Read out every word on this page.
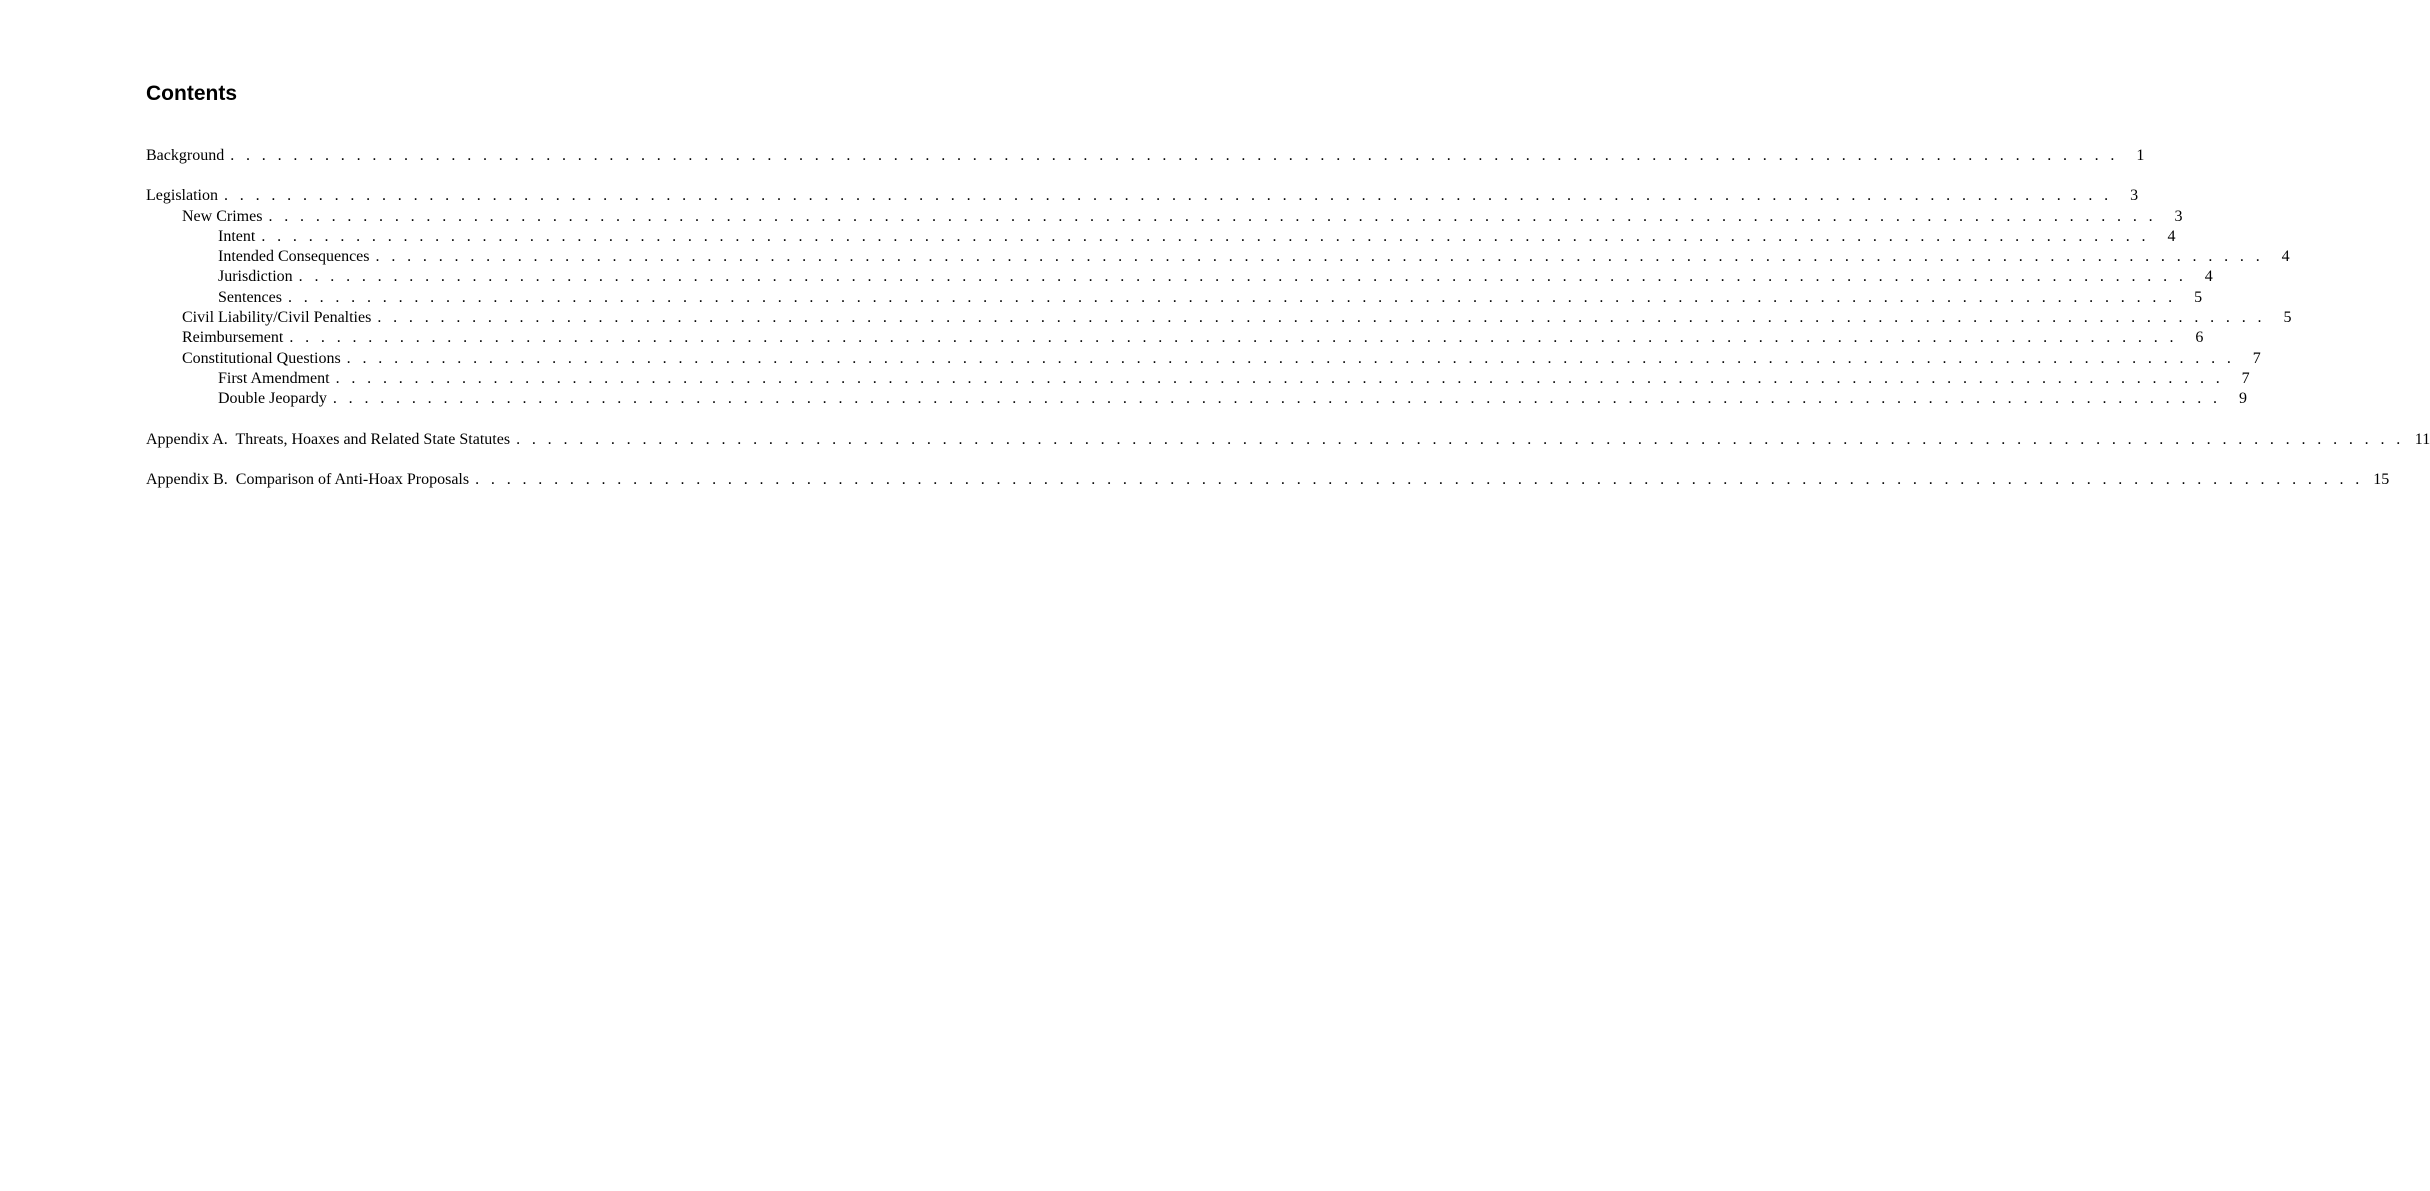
Contents
Background . . . . . . . . . . . . . . . . . . . . . . . . . . . . . . . . . . . . . . . . . . . . . . . . . . . . . . . . . . . . . . . . . . . . . . . . . . . . . . . . . . . . . . . . . . . . . . . . . . . . . . . . . . . . . . . . . . . . . . . .	1
Legislation . . . . . . . . . . . . . . . . . . . . . . . . . . . . . . . . . . . . . . . . . . . . . . . . . . . . . . . . . . . . . . . . . . . . . . . . . . . . . . . . . . . . . . . . . . . . . . . . . . . . . . . . . . . . . . . . . . . . . . . .	3
New Crimes . . . . . . . . . . . . . . . . . . . . . . . . . . . . . . . . . . . . . . . . . . . . . . . . . . . . . . . . . . . . . . . . . . . . . . . . . . . . . . . . . . . . . . . . . . . . . . . . . . . . . . . . . . . . . . . . . . . . . . . .	3
Intent . . . . . . . . . . . . . . . . . . . . . . . . . . . . . . . . . . . . . . . . . . . . . . . . . . . . . . . . . . . . . . . . . . . . . . . . . . . . . . . . . . . . . . . . . . . . . . . . . . . . . . . . . . . . . . . . . . . . . . . .	4
Intended Consequences . . . . . . . . . . . . . . . . . . . . . . . . . . . . . . . . . . . . . . . . . . . . . . . . . . . . . . . . . . . . . . . . . . . . . . . . . . . . . . . . . . . . . . . . . . . . . . . . . . . . . . . . . . . . . . . . . . . . . . . .	4
Jurisdiction . . . . . . . . . . . . . . . . . . . . . . . . . . . . . . . . . . . . . . . . . . . . . . . . . . . . . . . . . . . . . . . . . . . . . . . . . . . . . . . . . . . . . . . . . . . . . . . . . . . . . . . . . . . . . . . . . . . . . . . .	4
Sentences . . . . . . . . . . . . . . . . . . . . . . . . . . . . . . . . . . . . . . . . . . . . . . . . . . . . . . . . . . . . . . . . . . . . . . . . . . . . . . . . . . . . . . . . . . . . . . . . . . . . . . . . . . . . . . . . . . . . . . . .	5
Civil Liability/Civil Penalties . . . . . . . . . . . . . . . . . . . . . . . . . . . . . . . . . . . . . . . . . . . . . . . . . . . . . . . . . . . . . . . . . . . . . . . . . . . . . . . . . . . . . . . . . . . . . . . . . . . . . . . . . . . . . . . . . . . . . . . .	5
Reimbursement . . . . . . . . . . . . . . . . . . . . . . . . . . . . . . . . . . . . . . . . . . . . . . . . . . . . . . . . . . . . . . . . . . . . . . . . . . . . . . . . . . . . . . . . . . . . . . . . . . . . . . . . . . . . . . . . . . . . . . . .	6
Constitutional Questions . . . . . . . . . . . . . . . . . . . . . . . . . . . . . . . . . . . . . . . . . . . . . . . . . . . . . . . . . . . . . . . . . . . . . . . . . . . . . . . . . . . . . . . . . . . . . . . . . . . . . . . . . . . . . . . . . . . . . . . .	7
First Amendment . . . . . . . . . . . . . . . . . . . . . . . . . . . . . . . . . . . . . . . . . . . . . . . . . . . . . . . . . . . . . . . . . . . . . . . . . . . . . . . . . . . . . . . . . . . . . . . . . . . . . . . . . . . . . . . . . . . . . . . .	7
Double Jeopardy . . . . . . . . . . . . . . . . . . . . . . . . . . . . . . . . . . . . . . . . . . . . . . . . . . . . . . . . . . . . . . . . . . . . . . . . . . . . . . . . . . . . . . . . . . . . . . . . . . . . . . . . . . . . . . . . . . . . . . . .	9
Appendix A.  Threats, Hoaxes and Related State Statutes . . . . . . . . . . . . . . . . . . . . . . . . . . . . . . . . . . . . . . . . . . . . . . . . . . . . . . . . . . . . . . . . . . . . . . . . . . . . . . . . . . . . . . . . . . . . . . . . . . . . . . . . . . . . . . . . . . . . . . . . 11
Appendix B.  Comparison of Anti-Hoax Proposals . . . . . . . . . . . . . . . . . . . . . . . . . . . . . . . . . . . . . . . . . . . . . . . . . . . . . . . . . . . . . . . . . . . . . . . . . . . . . . . . . . . . . . . . . . . . . . . . . . . . . . . . . . . . . . . . . . . . . . . . 15
